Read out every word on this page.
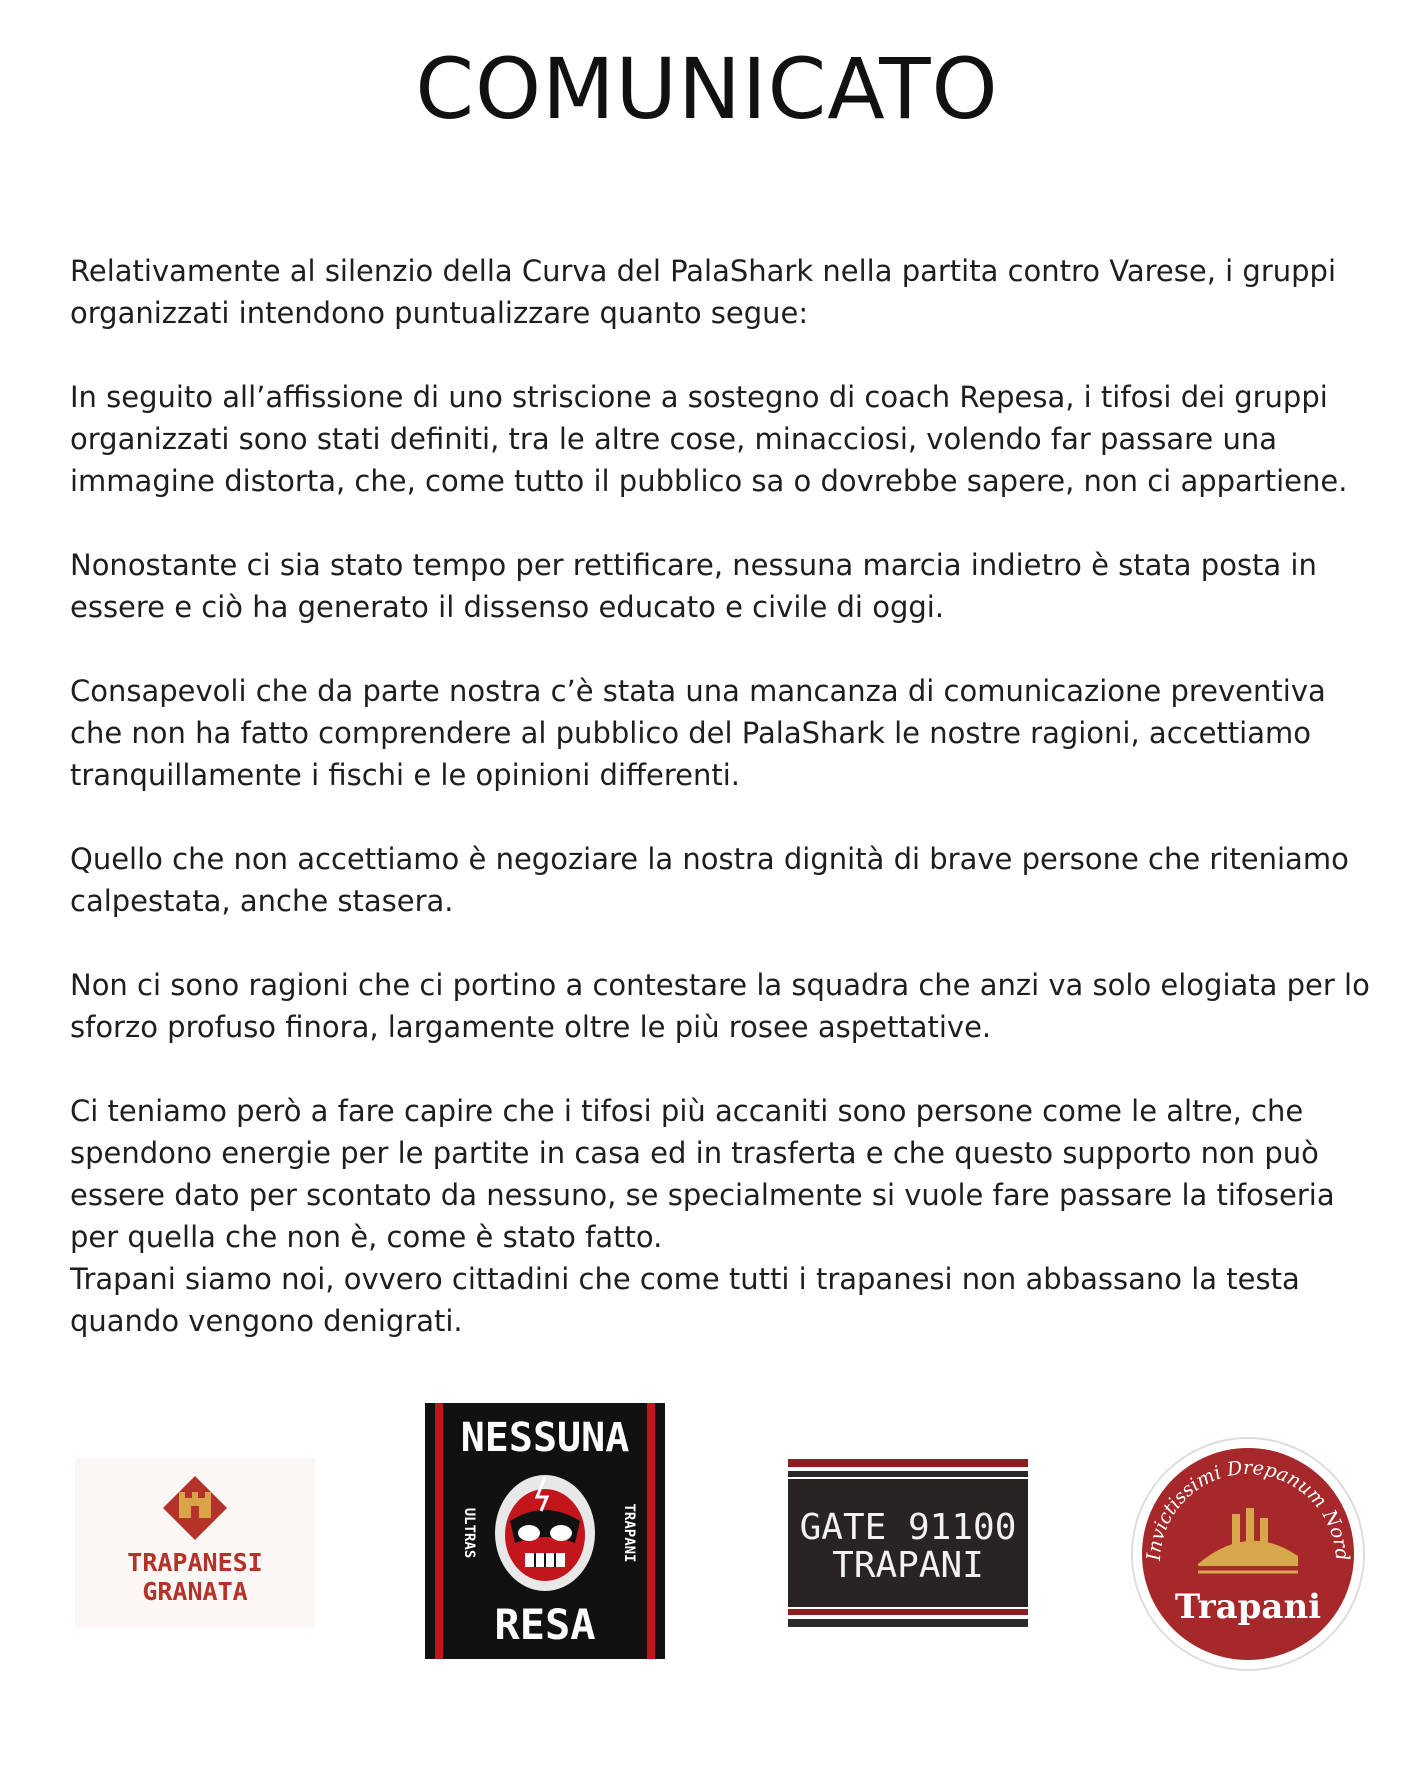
COMUNICATO

Relativamente al silenzio della Curva del PalaShark nella partita contro Varese, i gruppi organizzati intendono puntualizzare quanto segue:

In seguito all’affissione di uno striscione a sostegno di coach Repesa, i tifosi dei gruppi organizzati sono stati definiti, tra le altre cose, minacciosi, volendo far passare una immagine distorta, che, come tutto il pubblico sa o dovrebbe sapere, non ci appartiene.

Nonostante ci sia stato tempo per rettificare, nessuna marcia indietro è stata posta in essere e ciò ha generato il dissenso educato e civile di oggi.

Consapevoli che da parte nostra c’è stata una mancanza di comunicazione preventiva che non ha fatto comprendere al pubblico del PalaShark le nostre ragioni, accettiamo tranquillamente i fischi e le opinioni differenti.

Quello che non accettiamo è negoziare la nostra dignità di brave persone che riteniamo calpestata, anche stasera.

Non ci sono ragioni che ci portino a contestare la squadra che anzi va solo elogiata per lo sforzo profuso finora, largamente oltre le più rosee aspettative.

Ci teniamo però a fare capire che i tifosi più accaniti sono persone come le altre, che spendono energie per le partite in casa ed in trasferta e che questo supporto non può essere dato per scontato da nessuno, se specialmente si vuole fare passare la tifoseria per quella che non è, come è stato fatto.

Trapani siamo noi, ovvero cittadini che come tutti i trapanesi non abbassano la testa quando vengono denigrati.

TRAPANESI
GRANATA
NESSUNA
ULTRAS	TRAPANI
RESA
GATE 91100
TRAPANI	Invictissimi Drepanum Nord
Trapani
